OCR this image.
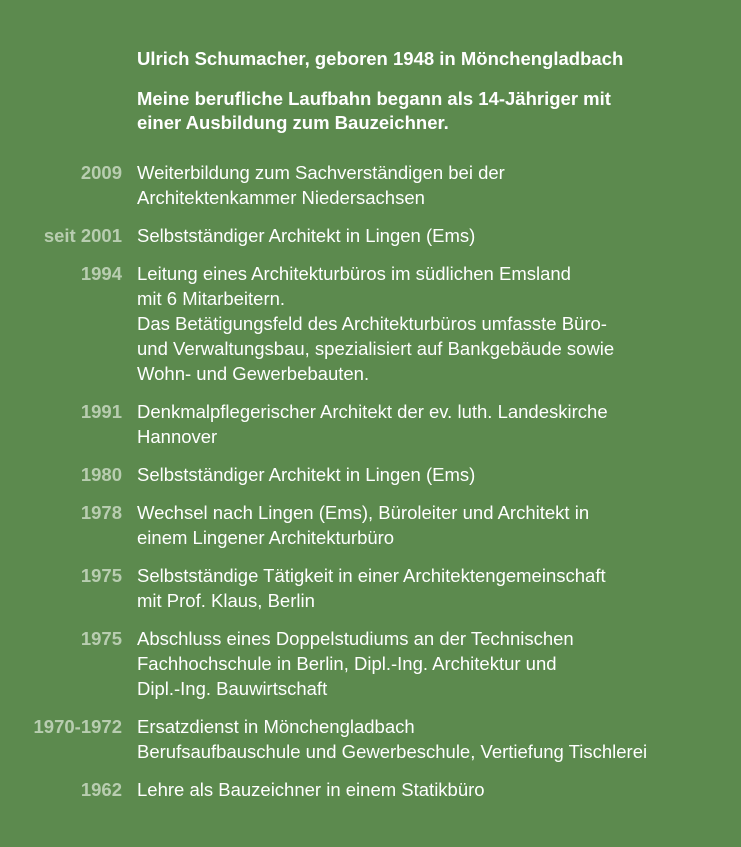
Ulrich Schumacher, geboren 1948 in Mönchengladbach

Meine berufliche Laufbahn begann als 14-Jähriger mit
einer Ausbildung zum Bauzeichner.

2009 Weiterbildung zum Sachverständigen bei der
Architektenkammer Niedersachsen
seit 2001 Selbstständiger Architekt in Lingen (Ems)
1994 Leitung eines Architekturbüros im südlichen Emsland
mit 6 Mitarbeitern.
Das Betätigungsfeld des Architekturbüros umfasste Büro-
und Verwaltungsbau, spezialisiert auf Bankgebäude sowie
Wohn- und Gewerbebauten.
1991 Denkmalpflegerischer Architekt der ev. luth. Landeskirche
Hannover
1980 Selbstständiger Architekt in Lingen (Ems)
1978 Wechsel nach Lingen (Ems), Büroleiter und Architekt in
einem Lingener Architekturbüro
1975 Selbstständige Tätigkeit in einer Architektengemeinschaft
mit Prof. Klaus, Berlin
1975 Abschluss eines Doppelstudiums an der Technischen
Fachhochschule in Berlin, Dipl.-Ing. Architektur und
Dipl.-Ing. Bauwirtschaft
1970-1972 Ersatzdienst in Mönchengladbach
Berufsaufbauschule und Gewerbeschule, Vertiefung Tischlerei
1962 Lehre als Bauzeichner in einem Statikbüro
